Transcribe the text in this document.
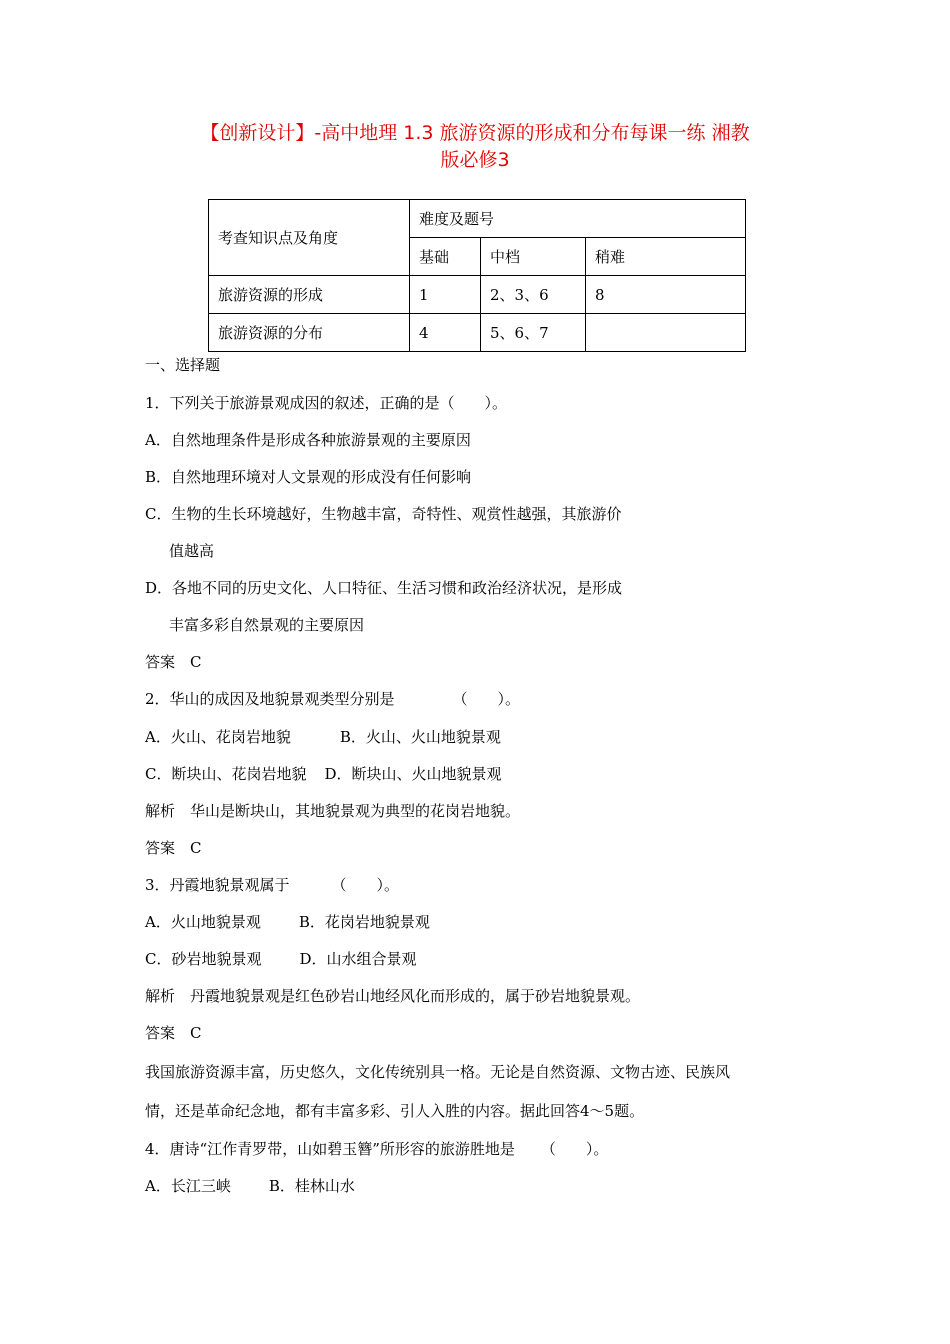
【创新设计】-高中地理 1.3 旅游资源的形成和分布每课一练 湘教
版必修3
考查知识点及角度	难度及题号		
	基础	中档	稍难
旅游资源的形成	1	2、3、6	8
旅游资源的分布	4	5、6、7	
一、选择题
1．下列关于旅游景观成因的叙述，正确的是（　　）。
A．自然地理条件是形成各种旅游景观的主要原因
B．自然地理环境对人文景观的形成没有任何影响
C．生物的生长环境越好，生物越丰富，奇特性、观赏性越强，其旅游价
值越高
D．各地不同的历史文化、人口特征、生活习惯和政治经济状况，是形成
丰富多彩自然景观的主要原因
答案　C
2．华山的成因及地貌景观类型分别是	（　　）。
A．火山、花岗岩地貌	B．火山、火山地貌景观
C．断块山、花岗岩地貌 D．断块山、火山地貌景观
解析　华山是断块山，其地貌景观为典型的花岗岩地貌。
答案　C
3．丹霞地貌景观属于	（　　）。
A．火山地貌景观	B．花岗岩地貌景观
C．砂岩地貌景观	D．山水组合景观
解析　丹霞地貌景观是红色砂岩山地经风化而形成的，属于砂岩地貌景观。
答案　C
我国旅游资源丰富，历史悠久，文化传统别具一格。无论是自然资源、文物古迹、民族风
情，还是革命纪念地，都有丰富多彩、引人入胜的内容。据此回答4～5题。
4．唐诗“江作青罗带，山如碧玉簪”所形容的旅游胜地是 （　　）。
A．长江三峡	B．桂林山水
